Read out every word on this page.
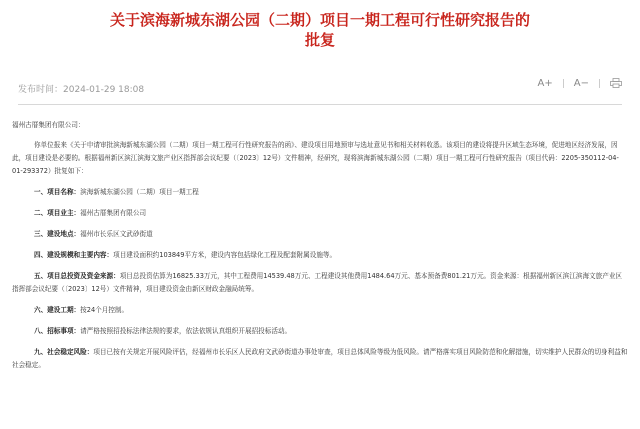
关于滨海新城东湖公园（二期）项目一期工程可行性研究报告的
批复
发布时间：2024-01-29 18:08
A+	A−

福州古厝集团有限公司：

你单位报来《关于申请审批滨海新城东湖公园（二期）项目一期工程可行性研究报告的函》、建设项目用地预审与选址意见书和相关材料收悉。该项目的建设将提升区域生态环境，促进地区经济发展，因此，项目建设是必要的。根据福州新区滨江滨海文旅产业区指挥部会议纪要（〔2023〕12号）文件精神，经研究，现将滨海新城东湖公园（二期）项目一期工程可行性研究报告（项目代码：2205-350112-04-01-293372）批复如下：

一、项目名称：滨海新城东湖公园（二期）项目一期工程

二、项目业主：福州古厝集团有限公司

三、建设地点：福州市长乐区文武砂街道

四、建设规模和主要内容：项目建设面积约103849平方米，建设内容包括绿化工程及配套附属设施等。

五、项目总投资及资金来源：项目总投资估算为16825.33万元，其中工程费用14539.48万元、工程建设其他费用1484.64万元、基本预备费801.21万元。资金来源：根据福州新区滨江滨海文旅产业区指挥部会议纪要（〔2023〕12号）文件精神，项目建设资金由新区财政金融局统筹。

六、建设工期：按24个月控制。

八、招标事项：请严格按照招投标法律法规的要求，依法依规认真组织开展招投标活动。

九、社会稳定风险：项目已按有关规定开展风险评估，经福州市长乐区人民政府文武砂街道办事处审查，项目总体风险等级为低风险。请严格落实项目风险防范和化解措施，切实维护人民群众的切身利益和社会稳定。
